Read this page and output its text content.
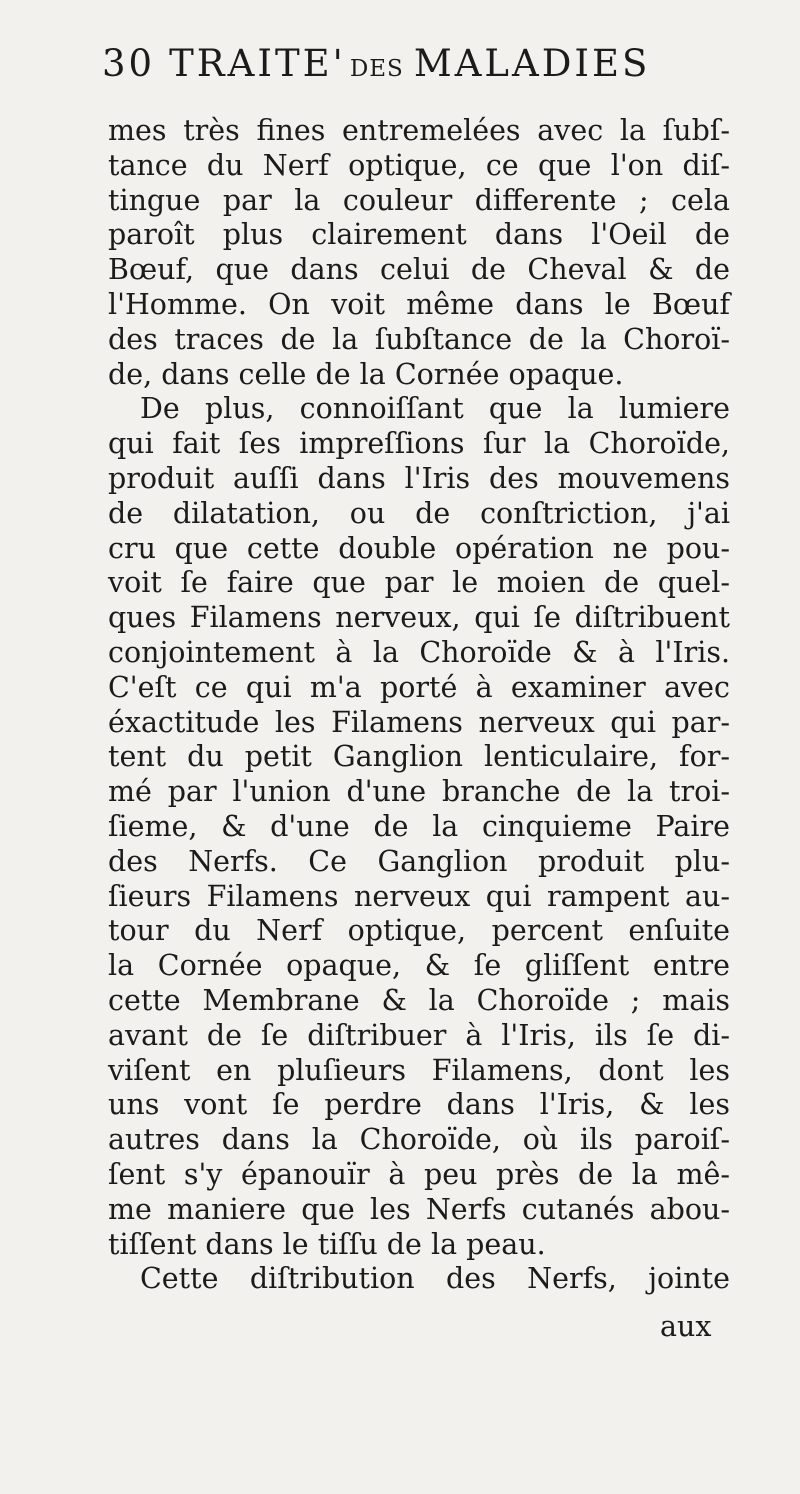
30 TRAITE' DES MALADIES
mes très fines entremelées avec la ſubſ-
tance du Nerf optique, ce que l'on diſ-
tingue par la couleur differente ; cela
paroît plus clairement dans l'Oeil de
Bœuf, que dans celui de Cheval & de
l'Homme. On voit même dans le Bœuf
des traces de la ſubſtance de la Choroï-
de, dans celle de la Cornée opaque.
De plus, connoiſſant que la lumiere
qui fait ſes impreſſions ſur la Choroïde,
produit auſſi dans l'Iris des mouvemens
de dilatation, ou de conſtriction, j'ai
cru que cette double opération ne pou-
voit ſe faire que par le moien de quel-
ques Filamens nerveux, qui ſe diſtribuent
conjointement à la Choroïde & à l'Iris.
C'eſt ce qui m'a porté à examiner avec
éxactitude les Filamens nerveux qui par-
tent du petit Ganglion lenticulaire, for-
mé par l'union d'une branche de la troi-
ſieme, & d'une de la cinquieme Paire
des Nerfs. Ce Ganglion produit plu-
ſieurs Filamens nerveux qui rampent au-
tour du Nerf optique, percent enſuite
la Cornée opaque, & ſe gliſſent entre
cette Membrane & la Choroïde ; mais
avant de ſe diſtribuer à l'Iris, ils ſe di-
viſent en pluſieurs Filamens, dont les
uns vont ſe perdre dans l'Iris, & les
autres dans la Choroïde, où ils paroiſ-
ſent s'y épanouïr à peu près de la mê-
me maniere que les Nerfs cutanés abou-
tiſſent dans le tiſſu de la peau.
Cette diſtribution des Nerfs, jointe
aux
